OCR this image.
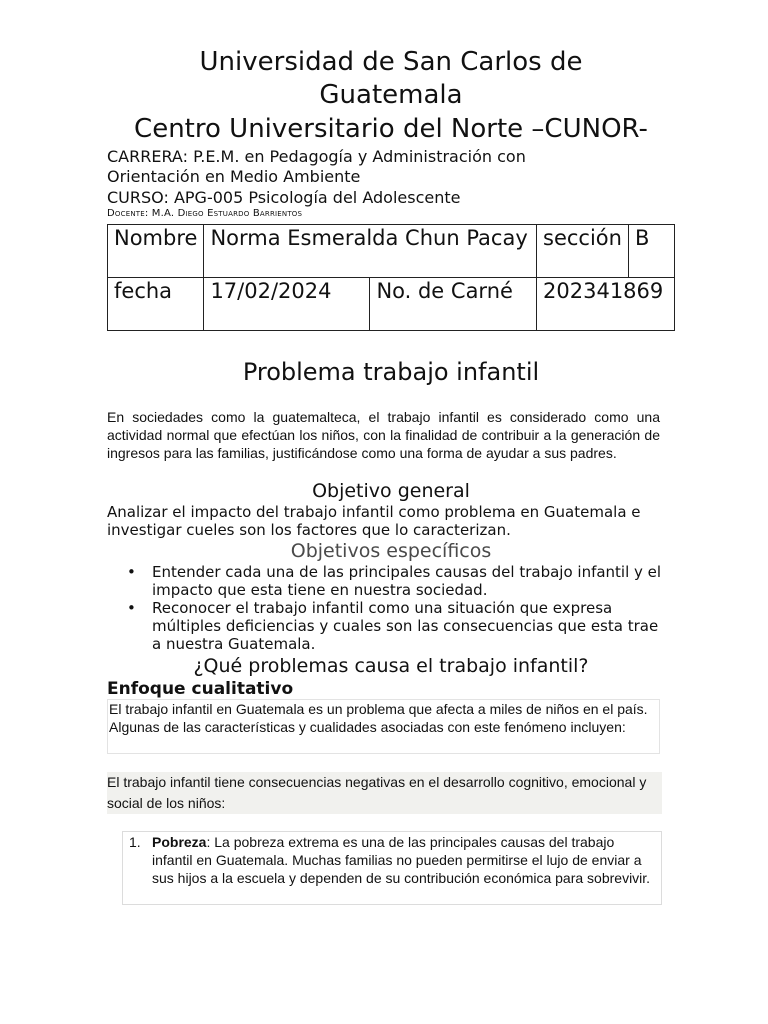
Universidad de San Carlos de
Guatemala
Centro Universitario del Norte –CUNOR-
CARRERA: P.E.M. en Pedagogía y Administración con
Orientación en Medio Ambiente
CURSO: APG-005 Psicología del Adolescente
Docente: M.A. Diego Estuardo Barrientos
Nombre	Norma Esmeralda Chun Pacay		sección	B
fecha	17/02/2024	No. de Carné	202341869	
Problema trabajo infantil
En sociedades como la guatemalteca, el trabajo infantil es considerado como una actividad normal que efectúan los niños, con la finalidad de contribuir a la generación de ingresos para las familias, justificándose como una forma de ayudar a sus padres.
Objetivo general
Analizar el impacto del trabajo infantil como problema en Guatemala e investigar cueles son los factores que lo caracterizan.
Objetivos específicos
• Entender cada una de las principales causas del trabajo infantil y el impacto que esta tiene en nuestra sociedad.
• Reconocer el trabajo infantil como una situación que expresa múltiples deficiencias y cuales son las consecuencias que esta trae a nuestra Guatemala.
¿Qué problemas causa el trabajo infantil?
Enfoque cualitativo
El trabajo infantil en Guatemala es un problema que afecta a miles de niños en el país. Algunas de las características y cualidades asociadas con este fenómeno incluyen:
El trabajo infantil tiene consecuencias negativas en el desarrollo cognitivo, emocional y social de los niños:
1. Pobreza: La pobreza extrema es una de las principales causas del trabajo infantil en Guatemala. Muchas familias no pueden permitirse el lujo de enviar a sus hijos a la escuela y dependen de su contribución económica para sobrevivir.
